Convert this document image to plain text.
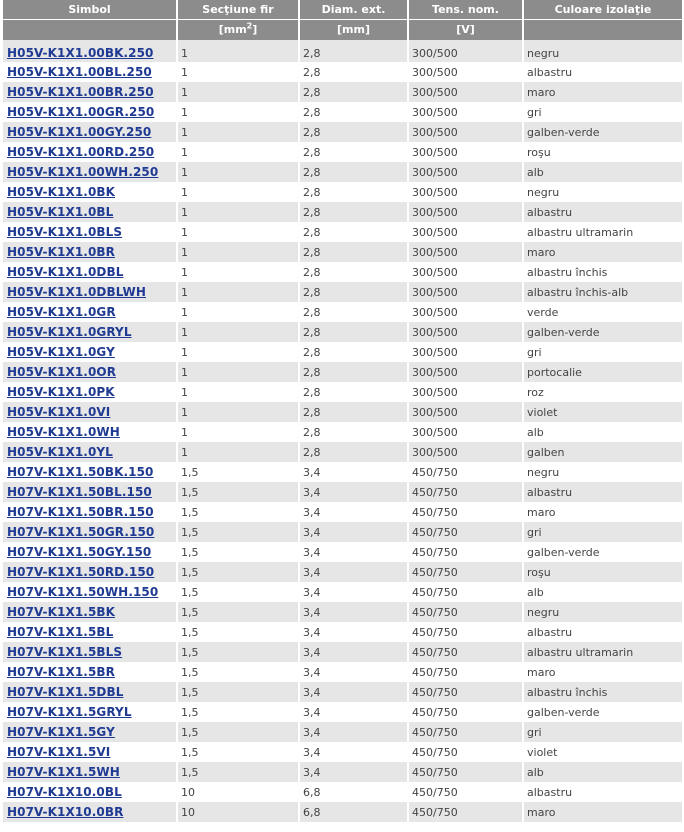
Simbol	Secţiune fir	Diam. ext.	Tens. nom.	Culoare izolaţie
	$[mm^2]$	[mm]	[V]	
H05V-K1X1.00BK.250	1	2,8	300/500	negru
H05V-K1X1.00BL.250	1	2,8	300/500	albastru
H05V-K1X1.00BR.250	1	2,8	300/500	maro
H05V-K1X1.00GR.250	1	2,8	300/500	gri
H05V-K1X1.00GY.250	1	2,8	300/500	galben-verde
H05V-K1X1.00RD.250	1	2,8	300/500	roşu
H05V-K1X1.00WH.250	1	2,8	300/500	alb
H05V-K1X1.0BK	1	2,8	300/500	negru
H05V-K1X1.0BL	1	2,8	300/500	albastru
H05V-K1X1.0BLS	1	2,8	300/500	albastru ultramarin
H05V-K1X1.0BR	1	2,8	300/500	maro
H05V-K1X1.0DBL	1	2,8	300/500	albastru închis
H05V-K1X1.0DBLWH	1	2,8	300/500	albastru închis-alb
H05V-K1X1.0GR	1	2,8	300/500	verde
H05V-K1X1.0GRYL	1	2,8	300/500	galben-verde
H05V-K1X1.0GY	1	2,8	300/500	gri
H05V-K1X1.0OR	1	2,8	300/500	portocalie
H05V-K1X1.0PK	1	2,8	300/500	roz
H05V-K1X1.0VI	1	2,8	300/500	violet
H05V-K1X1.0WH	1	2,8	300/500	alb
H05V-K1X1.0YL	1	2,8	300/500	galben
H07V-K1X1.50BK.150	1,5	3,4	450/750	negru
H07V-K1X1.50BL.150	1,5	3,4	450/750	albastru
H07V-K1X1.50BR.150	1,5	3,4	450/750	maro
H07V-K1X1.50GR.150	1,5	3,4	450/750	gri
H07V-K1X1.50GY.150	1,5	3,4	450/750	galben-verde
H07V-K1X1.50RD.150	1,5	3,4	450/750	roşu
H07V-K1X1.50WH.150	1,5	3,4	450/750	alb
H07V-K1X1.5BK	1,5	3,4	450/750	negru
H07V-K1X1.5BL	1,5	3,4	450/750	albastru
H07V-K1X1.5BLS	1,5	3,4	450/750	albastru ultramarin
H07V-K1X1.5BR	1,5	3,4	450/750	maro
H07V-K1X1.5DBL	1,5	3,4	450/750	albastru închis
H07V-K1X1.5GRYL	1,5	3,4	450/750	galben-verde
H07V-K1X1.5GY	1,5	3,4	450/750	gri
H07V-K1X1.5VI	1,5	3,4	450/750	violet
H07V-K1X1.5WH	1,5	3,4	450/750	alb
H07V-K1X10.0BL	10	6,8	450/750	albastru
H07V-K1X10.0BR	10	6,8	450/750	maro
